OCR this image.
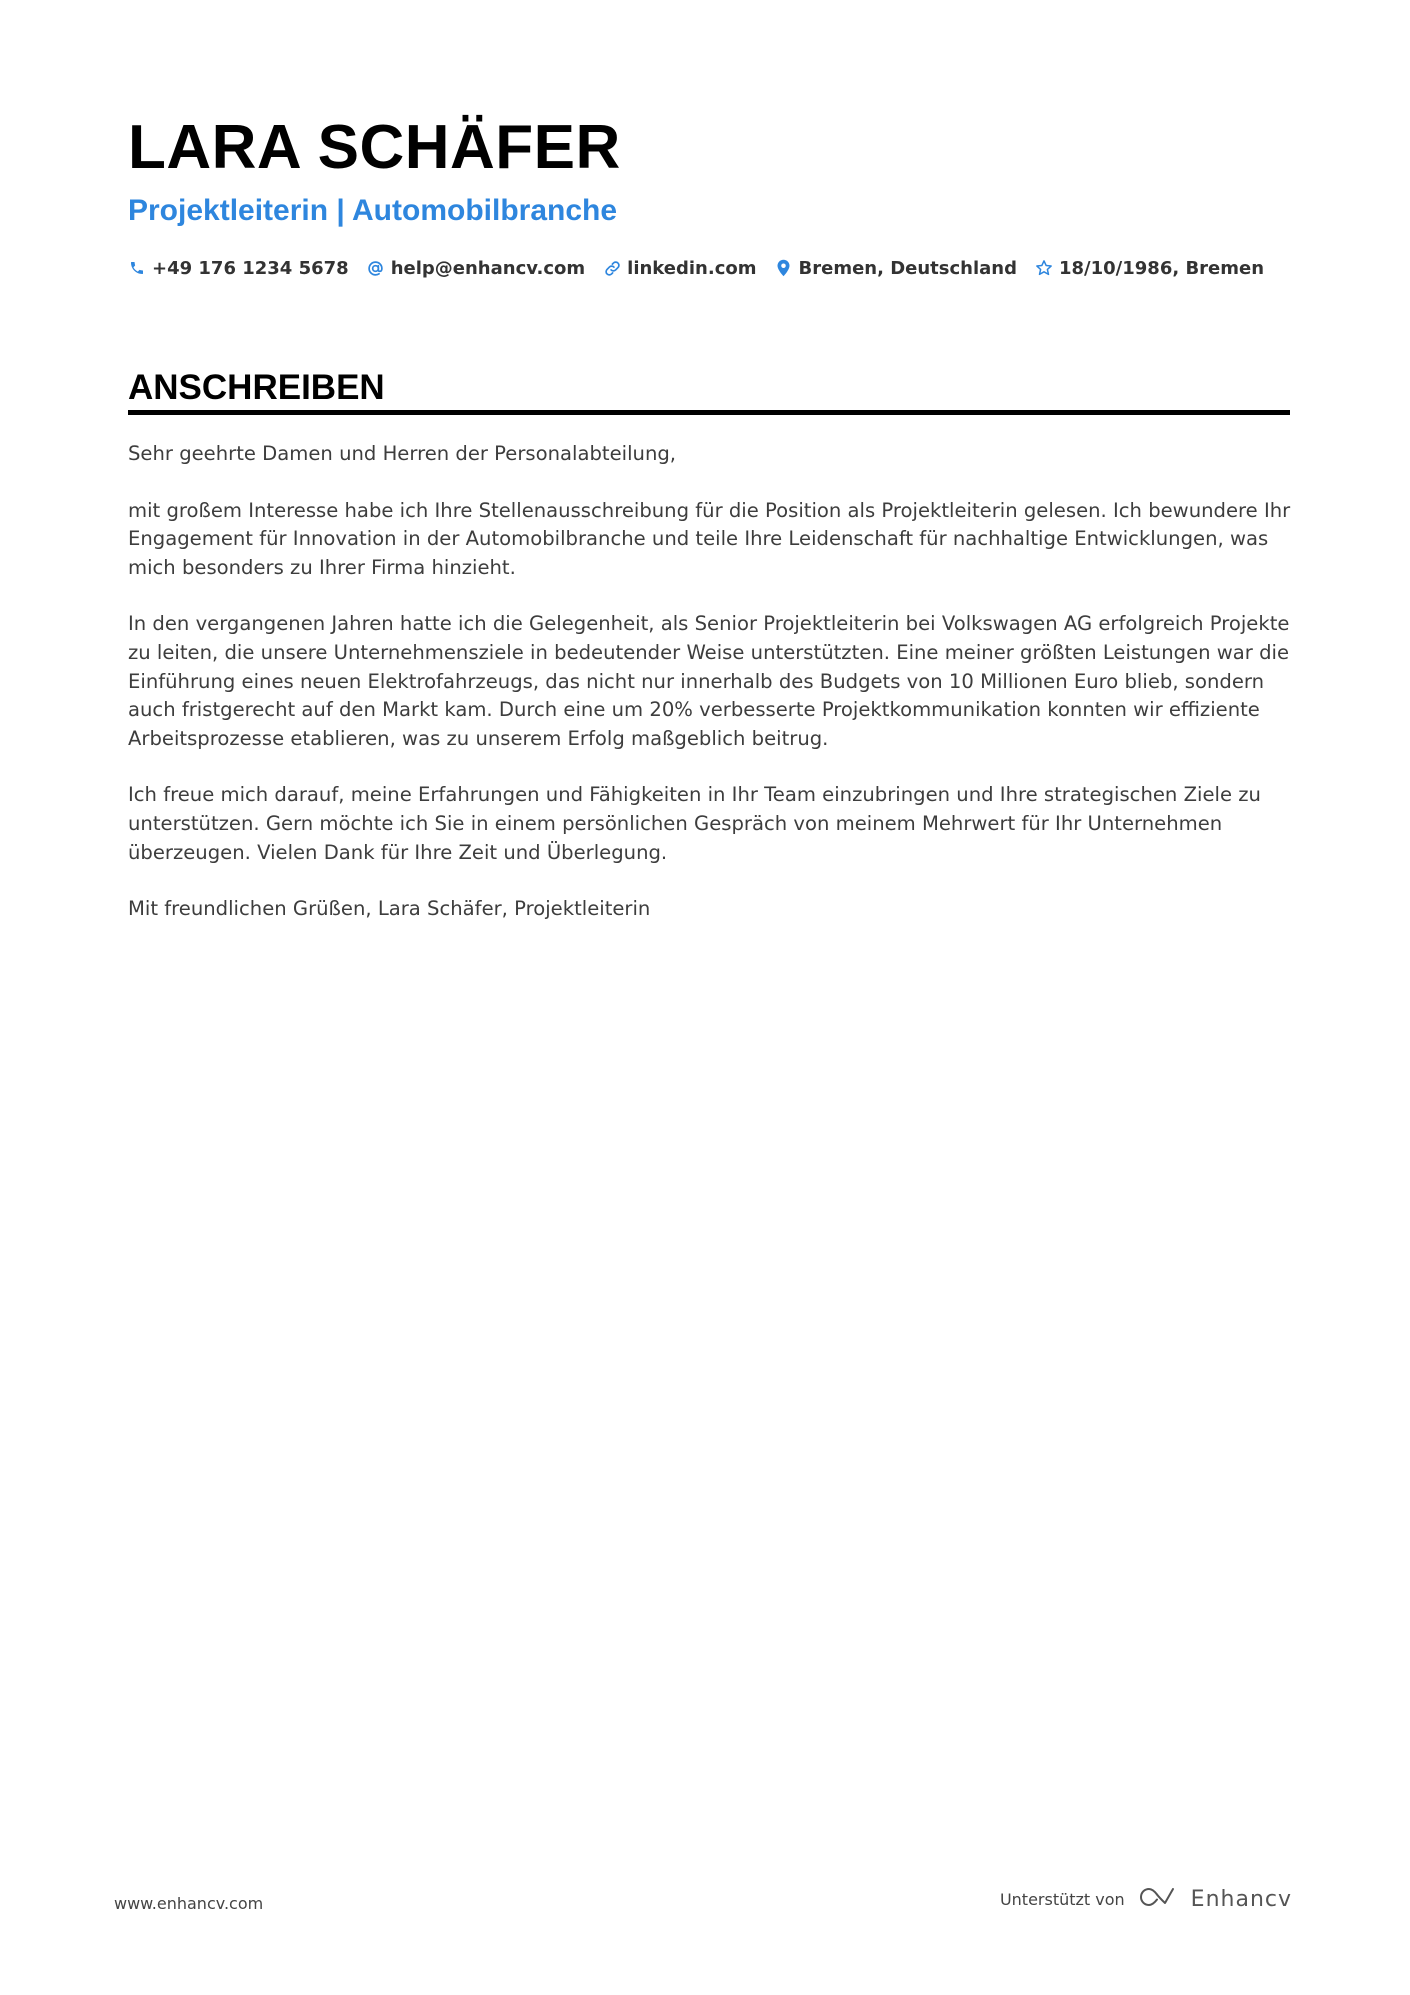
LARA SCHÄFER
Projektleiterin | Automobilbranche
+49 176 1234 5678 help@enhancv.com linkedin.com Bremen, Deutschland 18/10/1986, Bremen
ANSCHREIBEN

Sehr geehrte Damen und Herren der Personalabteilung,

mit großem Interesse habe ich Ihre Stellenausschreibung für die Position als Projektleiterin gelesen. Ich bewundere Ihr Engagement für Innovation in der Automobilbranche und teile Ihre Leidenschaft für nachhaltige Entwicklungen, was mich besonders zu Ihrer Firma hinzieht.

In den vergangenen Jahren hatte ich die Gelegenheit, als Senior Projektleiterin bei Volkswagen AG erfolgreich Projekte zu leiten, die unsere Unternehmensziele in bedeutender Weise unterstützten. Eine meiner größten Leistungen war die Einführung eines neuen Elektrofahrzeugs, das nicht nur innerhalb des Budgets von 10 Millionen Euro blieb, sondern auch fristgerecht auf den Markt kam. Durch eine um 20% verbesserte Projektkommunikation konnten wir effiziente Arbeitsprozesse etablieren, was zu unserem Erfolg maßgeblich beitrug.

Ich freue mich darauf, meine Erfahrungen und Fähigkeiten in Ihr Team einzubringen und Ihre strategischen Ziele zu unterstützen. Gern möchte ich Sie in einem persönlichen Gespräch von meinem Mehrwert für Ihr Unternehmen überzeugen. Vielen Dank für Ihre Zeit und Überlegung.

Mit freundlichen Grüßen, Lara Schäfer, Projektleiterin

www.enhancv.com	Unterstützt von	Enhancv
